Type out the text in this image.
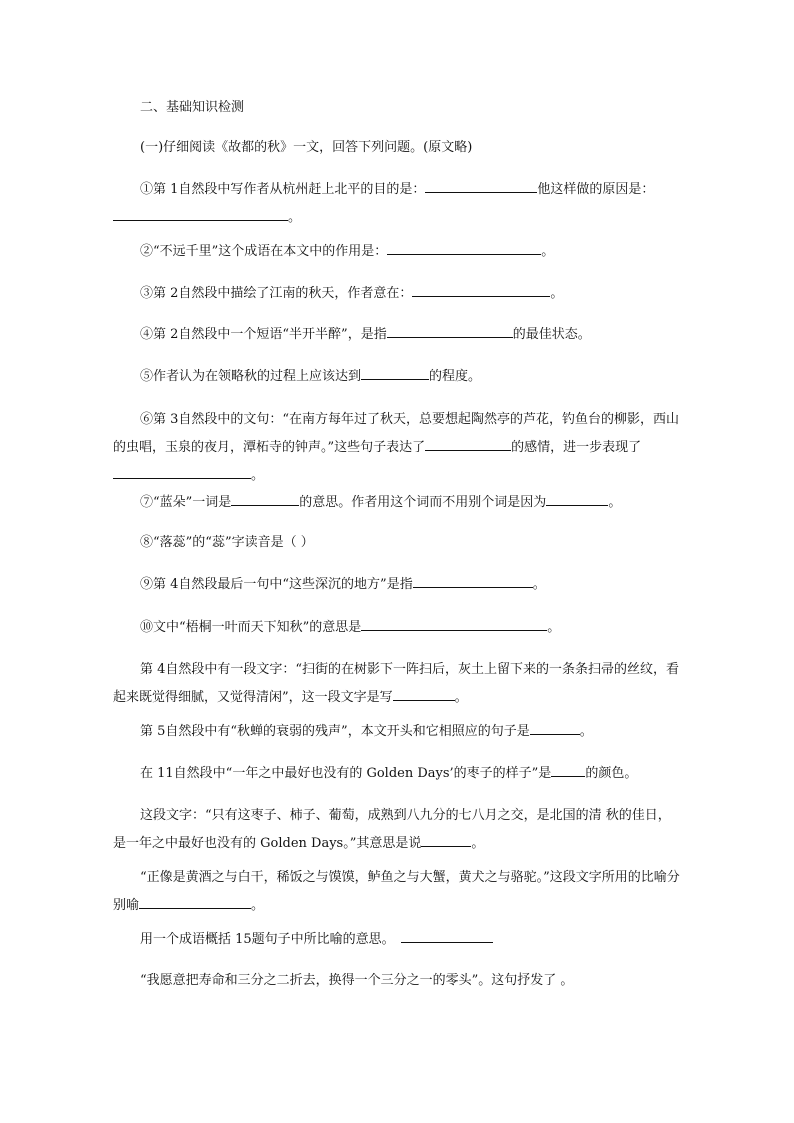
二、基础知识检测
(一)仔细阅读《故都的秋》一文，回答下列问题。(原文略)
①第 1自然段中写作者从杭州赶上北平的目的是：	他这样做的原因是：。
②“不远千里”这个成语在本文中的作用是：	。
③第 2自然段中描绘了江南的秋天，作者意在：	。
④第 2自然段中一个短语“半开半醉”，是指	的最佳状态。
⑤作者认为在领略秋的过程上应该达到	的程度。
⑥第 3自然段中的文句：“在南方每年过了秋天，总要想起陶然亭的芦花，钓鱼台的柳影，西山的虫唱，玉泉的夜月，潭柘寺的钟声。”这些句子表达了	的感情，进一步表现了。
⑦“蓝朵”一词是	的意思。作者用这个词而不用别个词是因为	。
⑧“落蕊”的“蕊”字读音是（ ）
⑨第 4自然段最后一句中“这些深沉的地方”是指	。
⑩文中“梧桐一叶而天下知秋”的意思是	。
第 4自然段中有一段文字：“扫街的在树影下一阵扫后，灰土上留下来的一条条扫帚的丝纹，看起来既觉得细腻，又觉得清闲”，这一段文字是写	。
第 5自然段中有“秋蝉的衰弱的残声”，本文开头和它相照应的句子是	。
在 11自然段中“一年之中最好也没有的 Golden Days’的枣子的样子”是	的颜色。
这段文字：“只有这枣子、柿子、葡萄，成熟到八九分的七八月之交，是北国的清 秋的佳日，是一年之中最好也没有的 Golden Days。”其意思是说	。
“正像是黄酒之与白干，稀饭之与馍馍，鲈鱼之与大蟹，黄犬之与骆驼。”这段文字所用的比喻分别喻	。
用一个成语概括 15题句子中所比喻的意思。
“我愿意把寿命和三分之二折去，换得一个三分之一的零头”。这句抒发了 。
